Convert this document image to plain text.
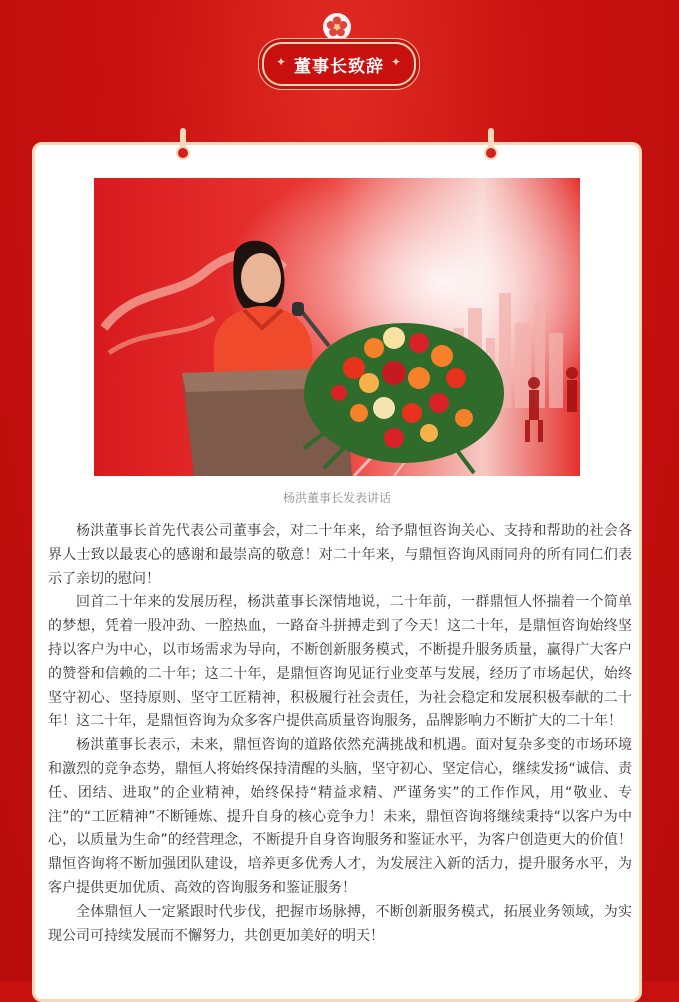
✦ 董事长致辞 ✦
杨洪董事长发表讲话

杨洪董事长首先代表公司董事会，对二十年来，给予鼎恒咨询关心、支持和帮助的社会各界人士致以最衷心的感谢和最崇高的敬意！对二十年来，与鼎恒咨询风雨同舟的所有同仁们表示了亲切的慰问！

回首二十年来的发展历程，杨洪董事长深情地说，二十年前，一群鼎恒人怀揣着一个简单的梦想，凭着一股冲劲、一腔热血，一路奋斗拼搏走到了今天！这二十年，是鼎恒咨询始终坚持以客户为中心，以市场需求为导向，不断创新服务模式，不断提升服务质量，赢得广大客户的赞誉和信赖的二十年；这二十年，是鼎恒咨询见证行业变革与发展，经历了市场起伏，始终坚守初心、坚持原则、坚守工匠精神，积极履行社会责任，为社会稳定和发展积极奉献的二十年！这二十年，是鼎恒咨询为众多客户提供高质量咨询服务，品牌影响力不断扩大的二十年！

杨洪董事长表示，未来，鼎恒咨询的道路依然充满挑战和机遇。面对复杂多变的市场环境和激烈的竞争态势，鼎恒人将始终保持清醒的头脑，坚守初心、坚定信心，继续发扬“诚信、责任、团结、进取”的企业精神，始终保持“精益求精、严谨务实”的工作作风，用“敬业、专注”的“工匠精神”不断锤炼、提升自身的核心竞争力！未来，鼎恒咨询将继续秉持“以客户为中心，以质量为生命”的经营理念，不断提升自身咨询服务和鉴证水平，为客户创造更大的价值！鼎恒咨询将不断加强团队建设，培养更多优秀人才，为发展注入新的活力，提升服务水平，为客户提供更加优质、高效的咨询服务和鉴证服务！

全体鼎恒人一定紧跟时代步伐，把握市场脉搏，不断创新服务模式，拓展业务领域，为实现公司可持续发展而不懈努力，共创更加美好的明天！
